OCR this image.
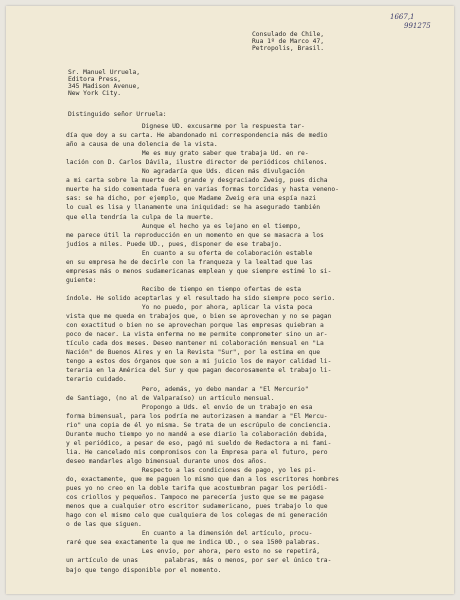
1667,1

991275

Consulado de Chile,

Rua 1º de Marco 47,

Petropolis, Brasil.

Sr. Manuel Urruela,

Editora Press,

345 Madison Avenue,

New York City.

Distinguido señor Urruela:

Dignese UD. excusarme por la respuesta tar-

día que doy a su carta. He abandonado mi correspondencia más de medio

año a causa de una dolencia de la vista.

Me es muy grato saber que trabaja Ud. en re-

lación con D. Carlos Dávila, ilustre director de periódicos chilenos.

No agradaría que Uds. dicen más divulgación

a mi carta sobre la muerte del grande y desgraciado Zweig, pues dicha

muerte ha sido comentada fuera en varias formas torcidas y hasta veneno-

sas: se ha dicho, por ejemplo, que Madame Zweig era una espía nazi

lo cual es lisa y llanamente una iniquidad: se ha asegurado también

que ella tendría la culpa de la muerte.

Aunque el hecho ya es lejano en el tiempo,

me parece útil la reproducción en un momento en que se masacra a los

judíos a miles. Puede UD., pues, disponer de ese trabajo.

En cuanto a su oferta de colaboración estable

en su empresa he de decirle con la franqueza y la lealtad que las

empresas más o menos sudamericanas emplean y que siempre estimé lo si-

guiente:

Recibo de tiempo en tiempo ofertas de esta

índole. He solido aceptarlas y el resultado ha sido siempre poco serio.

Yo no puedo, por ahora, aplicar la vista poca

vista que me queda en trabajos que, o bien se aprovechan y no se pagan

con exactitud o bien no se aprovechan porque las empresas quiebran a

poco de nacer. La vista enferma no me permite comprometer sino un ar-

tículo cada dos meses. Deseo mantener mi colaboración mensual en "La

Nación" de Buenos Aires y en la Revista "Sur", por la estima en que

tengo a estos dos órganos que son a mi juicio los de mayor calidad li-

teraria en la América del Sur y que pagan decorosamente el trabajo li-

terario cuidado.

Pero, además, yo debo mandar a "El Mercurio"

de Santiago, (no al de Valparaíso) un artículo mensual.

Propongo a Uds. el envío de un trabajo en esa

forma bimensual, para los podría me autorizasen a mandar a "El Mercu-

rio" una copia de él yo misma. Se trata de un escrúpulo de conciencia.

Durante mucho tiempo yo no mandé a ese diario la colaboración debida,

y el periódico, a pesar de eso, pagó mi sueldo de Redactora a mi fami-

lia. He cancelado mis compromisos con la Empresa para el futuro, pero

deseo mandarles algo bimensual durante unos dos años.

Respecto a las condiciones de pago, yo les pi-

do, exactamente, que me paguen lo mismo que dan a los escritores hombres

pues yo no creo en la doble tarifa que acostumbran pagar los periódi-

cos criollos y pequeños. Tampoco me parecería justo que se me pagase

menos que a cualquier otro escritor sudamericano, pues trabajo lo que

hago con el mismo celo que cualquiera de los colegas de mi generación

o de las que siguen.

En cuanto a la dimensión del artículo, procu-

raré que sea exactamente la que me indica UD., o sea 1500 palabras.

Les envío, por ahora, pero esto no se repetirá,

un artículo de unas       palabras, más o menos, por ser el único tra-

bajo que tengo disponible por el momento.
